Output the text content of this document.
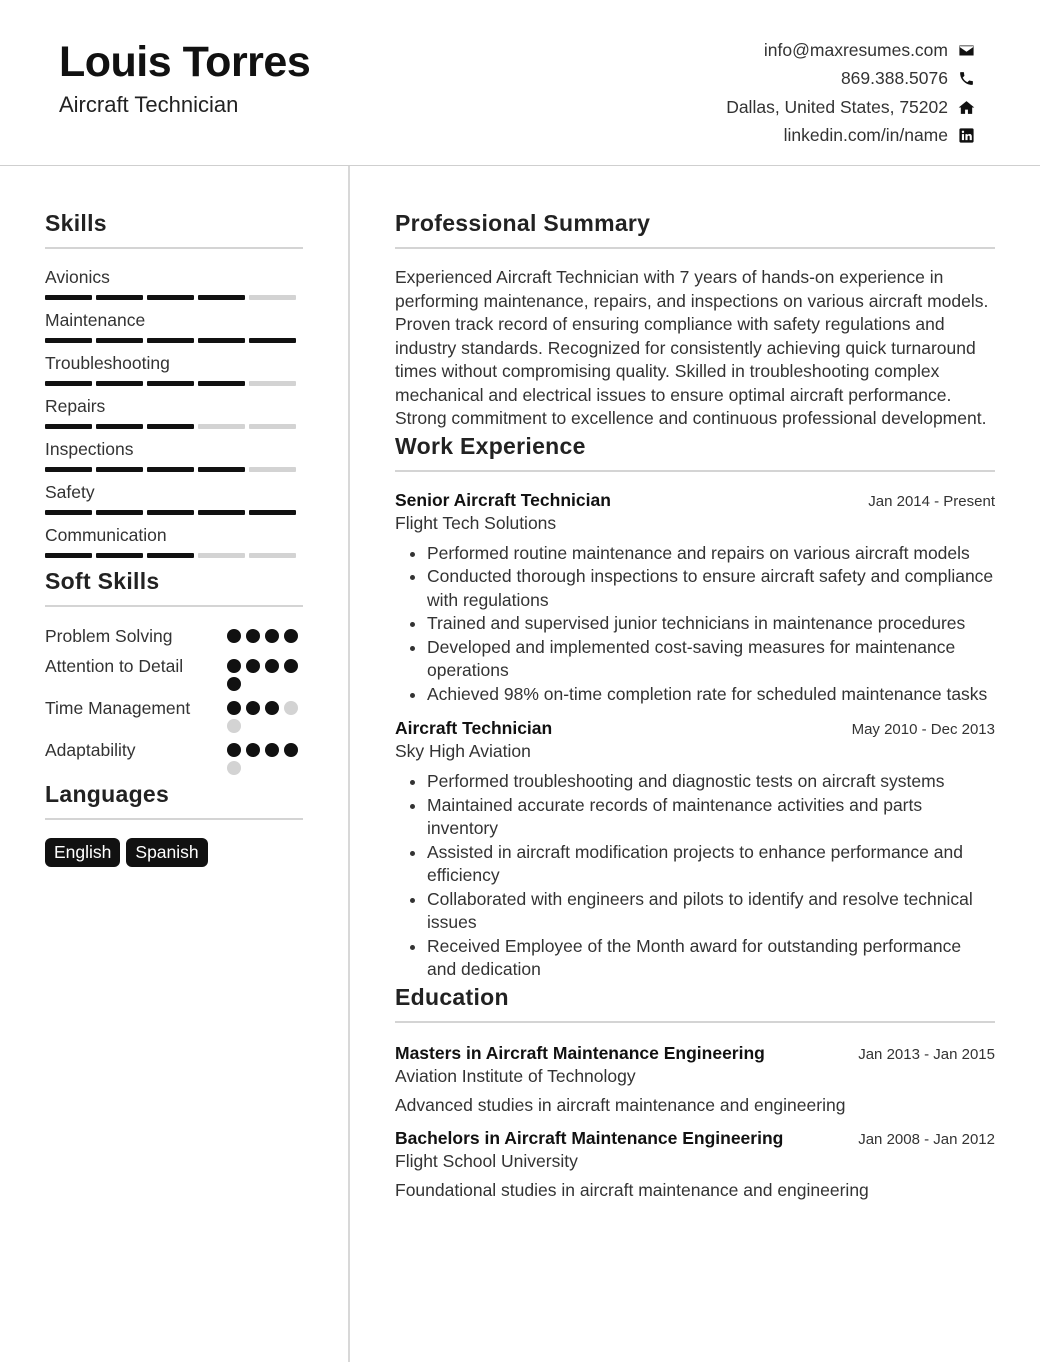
Louis Torres
Aircraft Technician
info@maxresumes.com
869.388.5076
Dallas, United States, 75202
linkedin.com/in/name
Skills
Avionics
Maintenance
Troubleshooting
Repairs
Inspections
Safety
Communication
Soft Skills
Problem Solving
Attention to Detail
Time Management
Adaptability
Languages
English	Spanish
Professional Summary
Experienced Aircraft Technician with 7 years of hands-on experience in performing maintenance, repairs, and inspections on various aircraft models. Proven track record of ensuring compliance with safety regulations and industry standards. Recognized for consistently achieving quick turnaround times without compromising quality. Skilled in troubleshooting complex mechanical and electrical issues to ensure optimal aircraft performance. Strong commitment to excellence and continuous professional development.
Work Experience
Senior Aircraft Technician	Jan 2014 - Present
Flight Tech Solutions
• Performed routine maintenance and repairs on various aircraft models
• Conducted thorough inspections to ensure aircraft safety and compliance with regulations
• Trained and supervised junior technicians in maintenance procedures
• Developed and implemented cost-saving measures for maintenance operations
• Achieved 98% on-time completion rate for scheduled maintenance tasks
Aircraft Technician	May 2010 - Dec 2013
Sky High Aviation
• Performed troubleshooting and diagnostic tests on aircraft systems
• Maintained accurate records of maintenance activities and parts inventory
• Assisted in aircraft modification projects to enhance performance and efficiency
• Collaborated with engineers and pilots to identify and resolve technical issues
• Received Employee of the Month award for outstanding performance and dedication
Education
Masters in Aircraft Maintenance Engineering	Jan 2013 - Jan 2015
Aviation Institute of Technology
Advanced studies in aircraft maintenance and engineering
Bachelors in Aircraft Maintenance Engineering	Jan 2008 - Jan 2012
Flight School University
Foundational studies in aircraft maintenance and engineering
